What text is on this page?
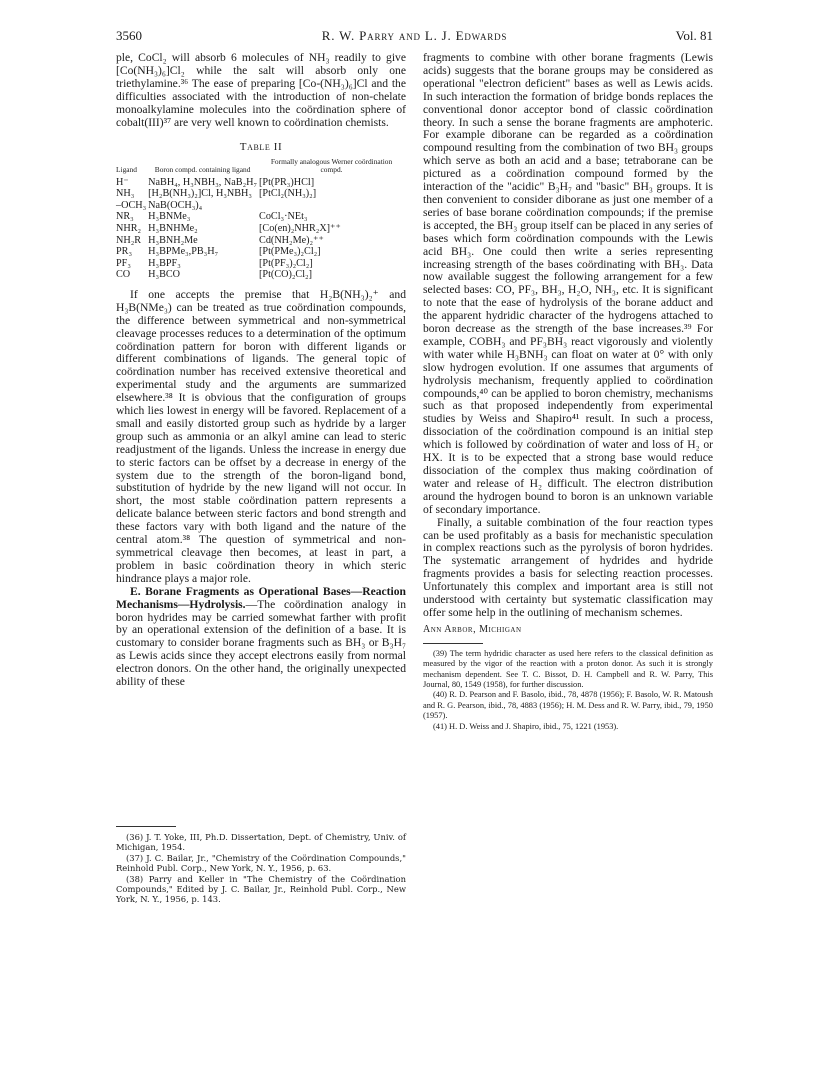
3560	R. W. Parry and L. J. Edwards	Vol. 81

ple, CoCl₂ will absorb 6 molecules of NH₃ readily to give [Co(NH₃)₆]Cl₂ while the salt will absorb only one triethylamine.³⁶ The ease of preparing [Co-(NH₃)₆]Cl and the difficulties associated with the introduction of non-chelate monoalkylamine molecules into the coördination sphere of cobalt(III)³⁷ are very well known to coördination chemists.

Table II
Ligand	Boron compd. containing ligand	Formally analogous Werner coördination compd.
H⁻	NaBH₄, H₃NBH₃, NaB₂H₇	[Pt(PR₃)HCl]
NH₃	[H₂B(NH₃)₂]Cl, H₃NBH₃	[PtCl₂(NH₃)₂]
–OCH₃	NaB(OCH₃)₄	
NR₃	H₃BNMe₃	CoCl₃·NEt₃
NHR₂	H₃BNHMe₂	[Co(en)₂NHR₂X]⁺⁺
NH₂R	H₃BNH₂Me	Cd(NH₂Me)₂⁺⁺
PR₃	H₃BPMe₃,PB₃H₇	[Pt(PMe₃)₂Cl₂]
PF₃	H₃BPF₃	[Pt(PF₃)₂Cl₂]
CO	H₃BCO	[Pt(CO)₂Cl₂]

If one accepts the premise that H₂B(NH₃)₂⁺ and H₃B(NMe₃) can be treated as true coördination compounds, the difference between symmetrical and non-symmetrical cleavage processes reduces to a determination of the optimum coördination pattern for boron with different ligands or different combinations of ligands. The general topic of coördination number has received extensive theoretical and experimental study and the arguments are summarized elsewhere.³⁸ It is obvious that the configuration of groups which lies lowest in energy will be favored. Replacement of a small and easily distorted group such as hydride by a larger group such as ammonia or an alkyl amine can lead to steric readjustment of the ligands. Unless the increase in energy due to steric factors can be offset by a decrease in energy of the system due to the strength of the boron-ligand bond, substitution of hydride by the new ligand will not occur. In short, the most stable coördination pattern represents a delicate balance between steric factors and bond strength and these factors vary with both ligand and the nature of the central atom.³⁸ The question of symmetrical and non-symmetrical cleavage then becomes, at least in part, a problem in basic coördination theory in which steric hindrance plays a major role.

E. Borane Fragments as Operational Bases—Reaction Mechanisms—Hydrolysis.—The coördination analogy in boron hydrides may be carried somewhat farther with profit by an operational extension of the definition of a base. It is customary to consider borane fragments such as BH₃ or B₃H₇ as Lewis acids since they accept electrons easily from normal electron donors. On the other hand, the originally unexpected ability of these

(36) J. T. Yoke, III, Ph.D. Dissertation, Dept. of Chemistry, Univ. of Michigan, 1954.
(37) J. C. Bailar, Jr., "Chemistry of the Coördination Compounds," Reinhold Publ. Corp., New York, N. Y., 1956, p. 63.
(38) Parry and Keller in "The Chemistry of the Coördination Compounds," Edited by J. C. Bailar, Jr., Reinhold Publ. Corp., New York, N. Y., 1956, p. 143.

fragments to combine with other borane fragments (Lewis acids) suggests that the borane groups may be considered as operational "electron deficient" bases as well as Lewis acids. In such interaction the formation of bridge bonds replaces the conventional donor acceptor bond of classic coördination theory. In such a sense the borane fragments are amphoteric. For example diborane can be regarded as a coördination compound resulting from the combination of two BH₃ groups which serve as both an acid and a base; tetraborane can be pictured as a coördination compound formed by the interaction of the "acidic" B₃H₇ and "basic" BH₃ groups. It is then convenient to consider diborane as just one member of a series of base borane coördination compounds; if the premise is accepted, the BH₃ group itself can be placed in any series of bases which form coördination compounds with the Lewis acid BH₃. One could then write a series representing increasing strength of the bases coördinating with BH₃. Data now available suggest the following arrangement for a few selected bases: CO, PF₃, BH₃, H₂O, NH₃, etc. It is significant to note that the ease of hydrolysis of the borane adduct and the apparent hydridic character of the hydrogens attached to boron decrease as the strength of the base increases.³⁹ For example, COBH₃ and PF₃BH₃ react vigorously and violently with water while H₃BNH₃ can float on water at 0° with only slow hydrogen evolution. If one assumes that arguments of hydrolysis mechanism, frequently applied to coördination compounds,⁴⁰ can be applied to boron chemistry, mechanisms such as that proposed independently from experimental studies by Weiss and Shapiro⁴¹ result. In such a process, dissociation of the coördination compound is an initial step which is followed by coördination of water and loss of H₂ or HX. It is to be expected that a strong base would reduce dissociation of the complex thus making coördination of water and release of H₂ difficult. The electron distribution around the hydrogen bound to boron is an unknown variable of secondary importance.

Finally, a suitable combination of the four reaction types can be used profitably as a basis for mechanistic speculation in complex reactions such as the pyrolysis of boron hydrides. The systematic arrangement of hydrides and hydride fragments provides a basis for selecting reaction processes. Unfortunately this complex and important area is still not understood with certainty but systematic classification may offer some help in the outlining of mechanism schemes.

Ann Arbor, Michigan
(39) The term hydridic character as used here refers to the classical definition as measured by the vigor of the reaction with a proton donor. As such it is strongly mechanism dependent. See T. C. Bissot, D. H. Campbell and R. W. Parry, This Journal, 80, 1549 (1958), for further discussion.
(40) R. D. Pearson and F. Basolo, ibid., 78, 4878 (1956); F. Basolo, W. R. Matoush and R. G. Pearson, ibid., 78, 4883 (1956); H. M. Dess and R. W. Parry, ibid., 79, 1950 (1957).
(41) H. D. Weiss and J. Shapiro, ibid., 75, 1221 (1953).
